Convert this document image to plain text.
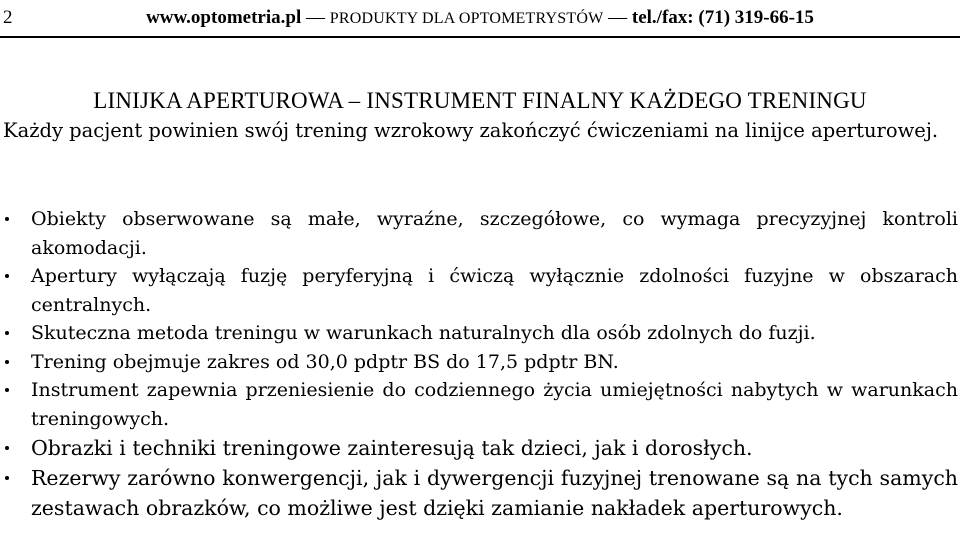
2	www.optometria.pl — PRODUKTY DLA OPTOMETRYSTÓW — tel./fax: (71) 319-66-15
LINIJKA APERTUROWA – INSTRUMENT FINALNY KAŻDEGO TRENINGU
Każdy pacjent powinien swój trening wzrokowy zakończyć ćwiczeniami na linijce aperturowej.
Obiekty obserwowane są małe, wyraźne, szczegółowe, co wymaga precyzyjnej kontroli akomodacji.
Apertury wyłączają fuzję peryferyjną i ćwiczą wyłącznie zdolności fuzyjne w obszarach centralnych.
Skuteczna metoda treningu w warunkach naturalnych dla osób zdolnych do fuzji.
Trening obejmuje zakres od 30,0 pdptr BS do 17,5 pdptr BN.
Instrument zapewnia przeniesienie do codziennego życia umiejętności nabytych w warunkach treningowych.
Obrazki i techniki treningowe zainteresują tak dzieci, jak i dorosłych.
Rezerwy zarówno konwergencji, jak i dywergencji fuzyjnej trenowane są na tych samych zestawach obrazków, co możliwe jest dzięki zamianie nakładek aperturowych.
